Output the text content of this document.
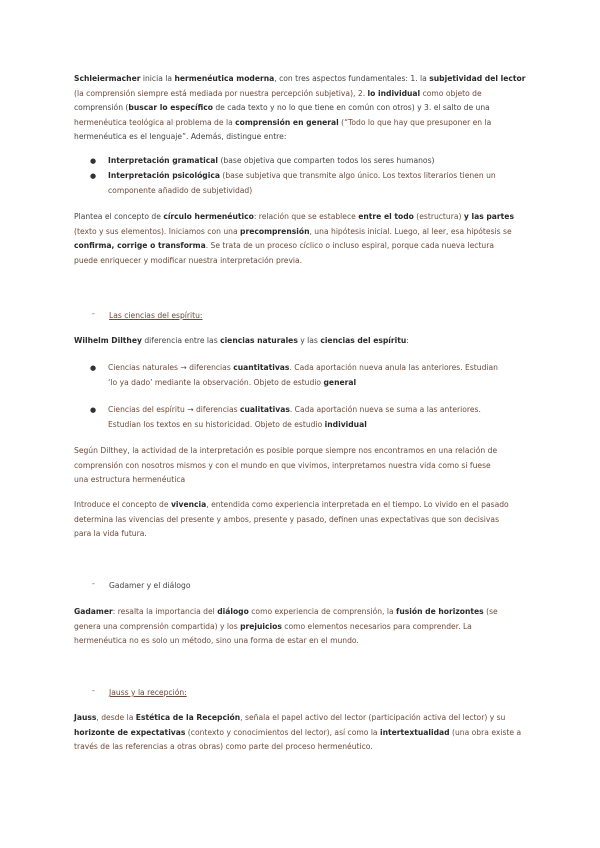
Schleiermacher inicia la hermenéutica moderna, con tres aspectos fundamentales: 1. la subjetividad del lector
(la comprensión siempre está mediada por nuestra percepción subjetiva), 2. lo individual como objeto de
comprensión (buscar lo específico de cada texto y no lo que tiene en común con otros) y 3. el salto de una
hermenéutica teológica al problema de la comprensión en general (“Todo lo que hay que presuponer en la
hermenéutica es el lenguaje”. Además, distingue entre:
● Interpretación gramatical (base objetiva que comparten todos los seres humanos)
● Interpretación psicológica (base subjetiva que transmite algo único. Los textos literarios tienen un
componente añadido de subjetividad)
Plantea el concepto de círculo hermenéutico: relación que se establece entre el todo (estructura) y las partes
(texto y sus elementos). Iniciamos con una precomprensión, una hipótesis inicial. Luego, al leer, esa hipótesis se
confirma, corrige o transforma. Se trata de un proceso cíclico o incluso espiral, porque cada nueva lectura
puede enriquecer y modificar nuestra interpretación previa.
- Las ciencias del espíritu:
Wilhelm Dilthey diferencia entre las ciencias naturales y las ciencias del espíritu:
● Ciencias naturales → diferencias cuantitativas. Cada aportación nueva anula las anteriores. Estudian
‘lo ya dado’ mediante la observación. Objeto de estudio general
● Ciencias del espíritu → diferencias cualitativas. Cada aportación nueva se suma a las anteriores.
Estudian los textos en su historicidad. Objeto de estudio individual
Según Dilthey, la actividad de la interpretación es posible porque siempre nos encontramos en una relación de
comprensión con nosotros mismos y con el mundo en que vivimos, interpretamos nuestra vida como si fuese
una estructura hermenéutica
Introduce el concepto de vivencia, entendida como experiencia interpretada en el tiempo. Lo vivido en el pasado
determina las vivencias del presente y ambos, presente y pasado, definen unas expectativas que son decisivas
para la vida futura.
- Gadamer y el diálogo
Gadamer: resalta la importancia del diálogo como experiencia de comprensión, la fusión de horizontes (se
genera una comprensión compartida) y los prejuicios como elementos necesarios para comprender. La
hermenéutica no es solo un método, sino una forma de estar en el mundo.
- Jauss y la recepción:
Jauss, desde la Estética de la Recepción, señala el papel activo del lector (participación activa del lector) y su
horizonte de expectativas (contexto y conocimientos del lector), así como la intertextualidad (una obra existe a
través de las referencias a otras obras) como parte del proceso hermenéutico.
